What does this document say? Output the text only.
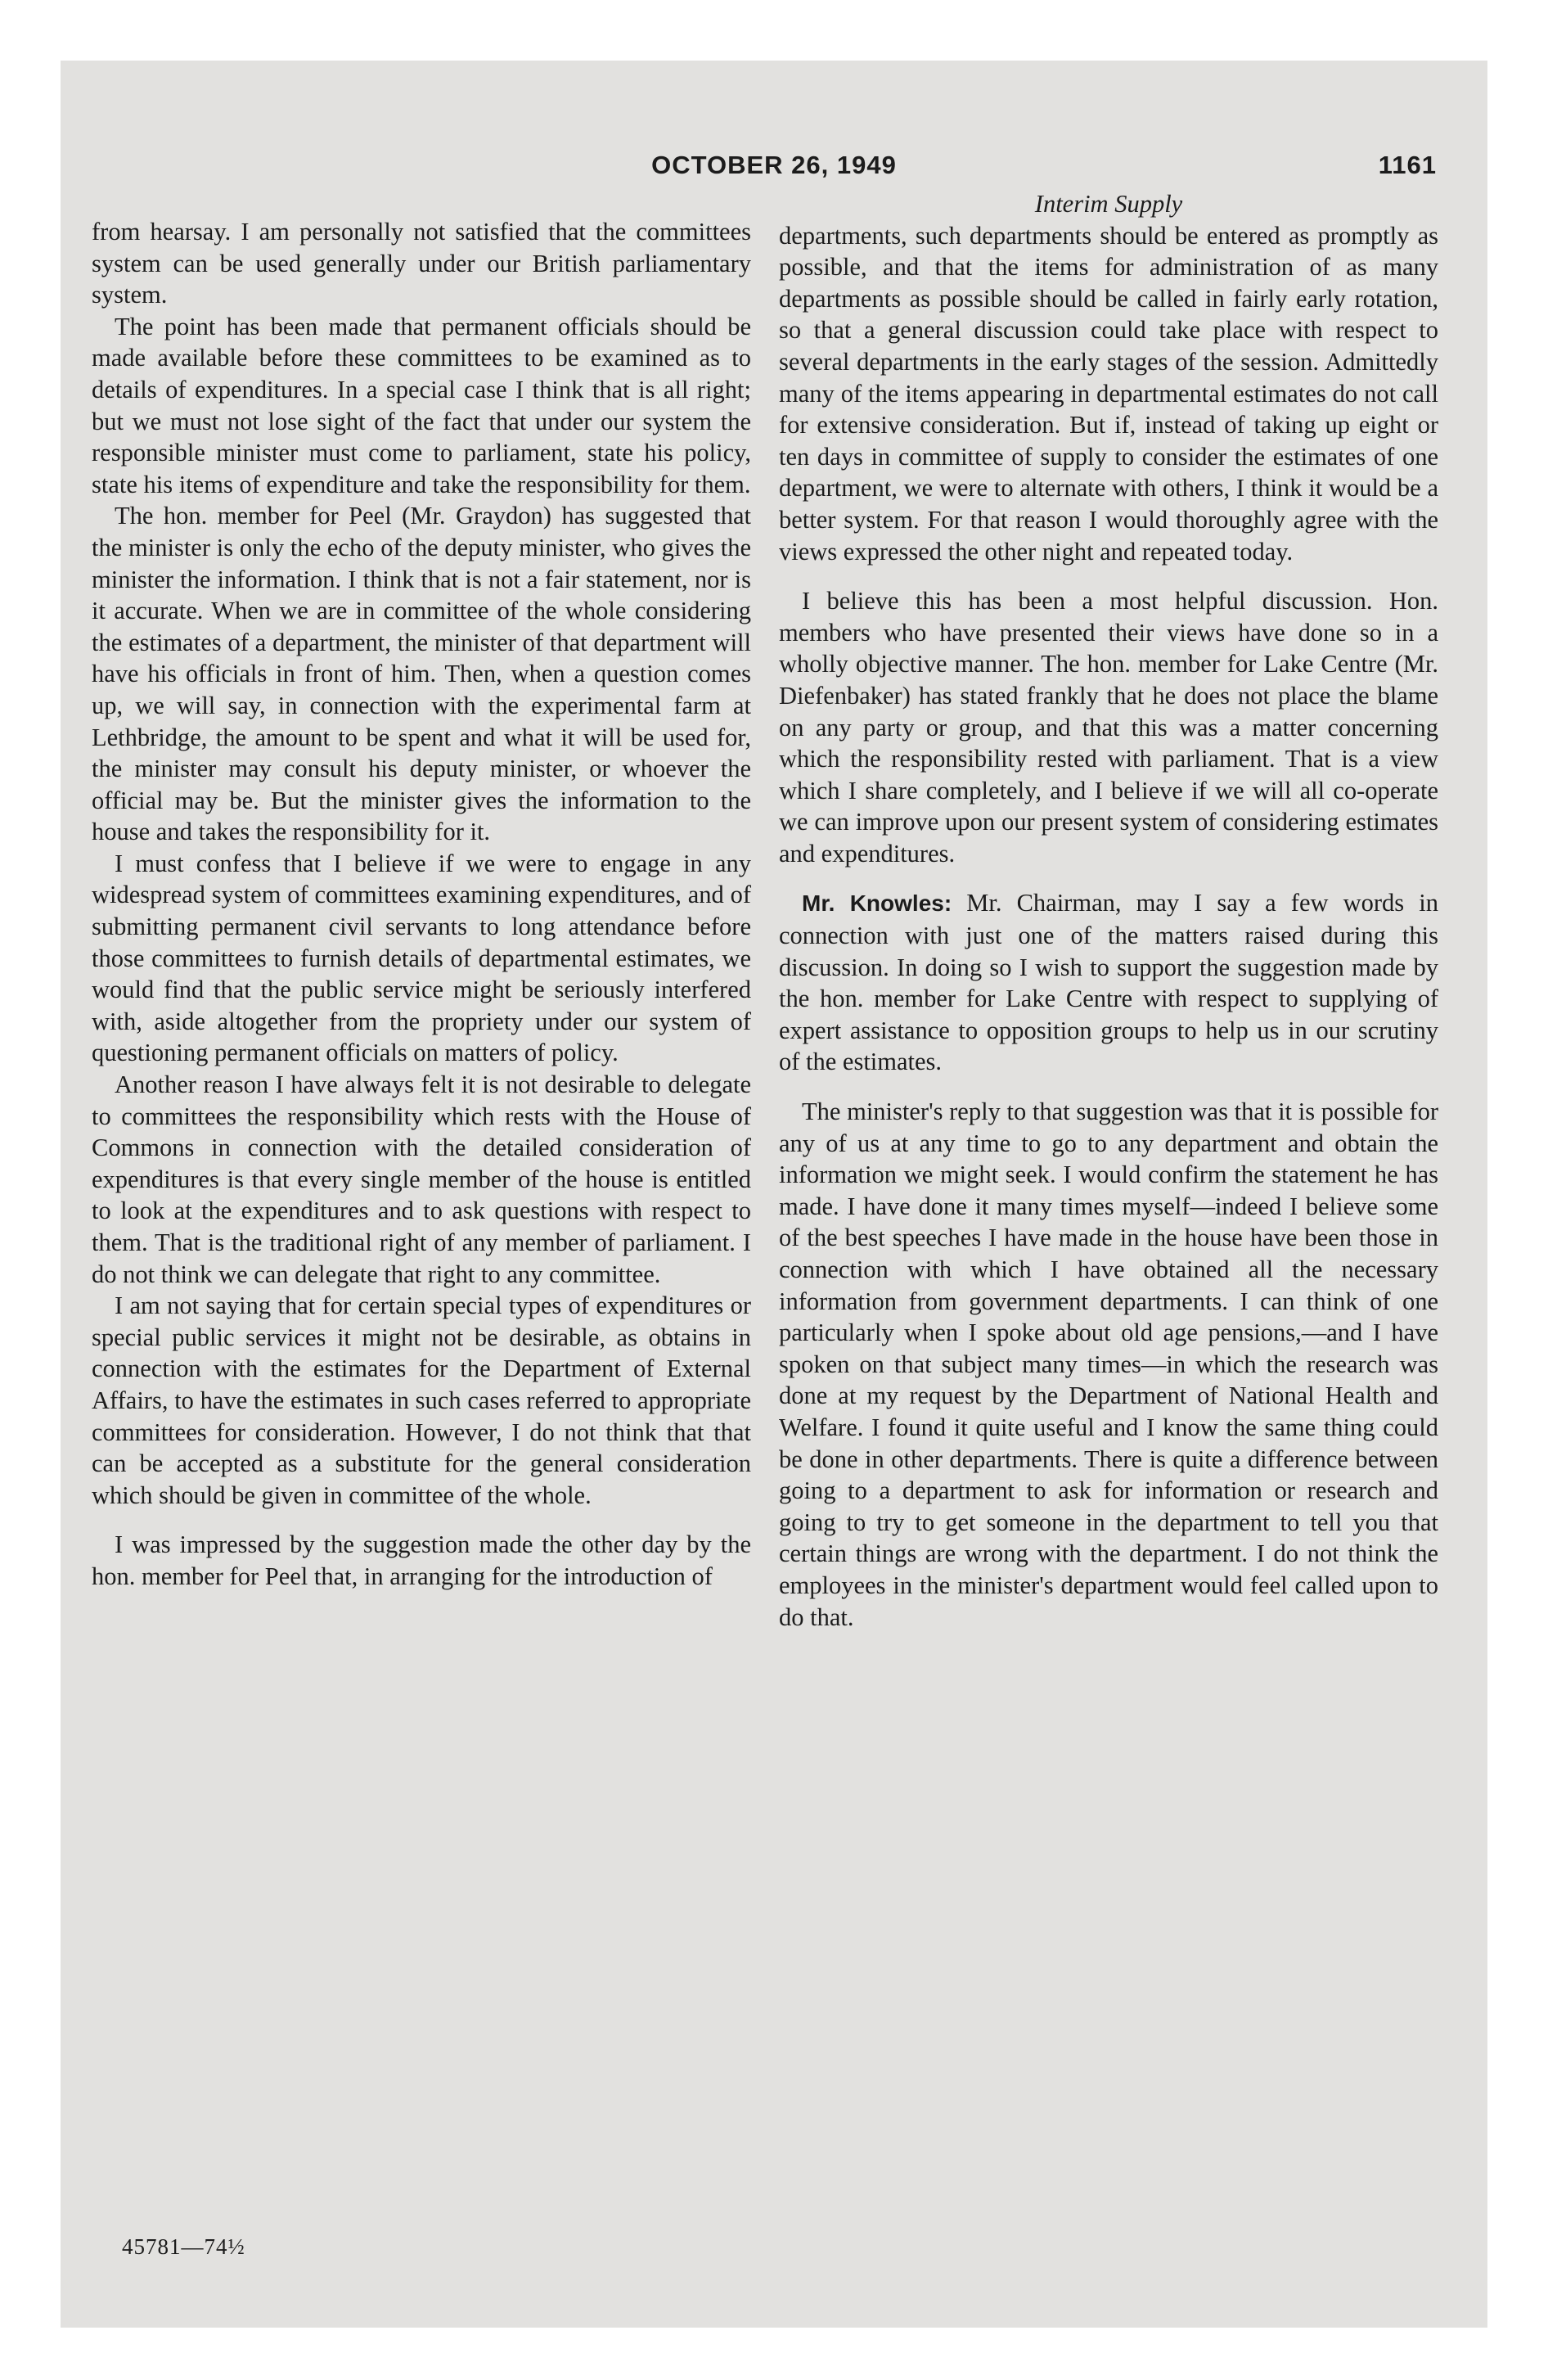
OCTOBER 26, 1949	1161

from hearsay. I am personally not satisfied that the committees system can be used generally under our British parliamentary system.

The point has been made that permanent officials should be made available before these committees to be examined as to details of expenditures. In a special case I think that is all right; but we must not lose sight of the fact that under our system the responsible minister must come to parliament, state his policy, state his items of expenditure and take the responsibility for them.

The hon. member for Peel (Mr. Graydon) has suggested that the minister is only the echo of the deputy minister, who gives the minister the information. I think that is not a fair statement, nor is it accurate. When we are in committee of the whole considering the estimates of a department, the minister of that department will have his officials in front of him. Then, when a question comes up, we will say, in connection with the experimental farm at Lethbridge, the amount to be spent and what it will be used for, the minister may consult his deputy minister, or whoever the official may be. But the minister gives the information to the house and takes the responsibility for it.

I must confess that I believe if we were to engage in any widespread system of committees examining expenditures, and of submitting permanent civil servants to long attendance before those committees to furnish details of departmental estimates, we would find that the public service might be seriously interfered with, aside altogether from the propriety under our system of questioning permanent officials on matters of policy.

Another reason I have always felt it is not desirable to delegate to committees the responsibility which rests with the House of Commons in connection with the detailed consideration of expenditures is that every single member of the house is entitled to look at the expenditures and to ask questions with respect to them. That is the traditional right of any member of parliament. I do not think we can delegate that right to any committee.

I am not saying that for certain special types of expenditures or special public services it might not be desirable, as obtains in connection with the estimates for the Department of External Affairs, to have the estimates in such cases referred to appropriate committees for consideration. However, I do not think that that can be accepted as a substitute for the general consideration which should be given in committee of the whole.

I was impressed by the suggestion made the other day by the hon. member for Peel that, in arranging for the introduction of

Interim Supply

departments, such departments should be entered as promptly as possible, and that the items for administration of as many departments as possible should be called in fairly early rotation, so that a general discussion could take place with respect to several departments in the early stages of the session. Admittedly many of the items appearing in departmental estimates do not call for extensive consideration. But if, instead of taking up eight or ten days in committee of supply to consider the estimates of one department, we were to alternate with others, I think it would be a better system. For that reason I would thoroughly agree with the views expressed the other night and repeated today.

I believe this has been a most helpful discussion. Hon. members who have presented their views have done so in a wholly objective manner. The hon. member for Lake Centre (Mr. Diefenbaker) has stated frankly that he does not place the blame on any party or group, and that this was a matter concerning which the responsibility rested with parliament. That is a view which I share completely, and I believe if we will all co-operate we can improve upon our present system of considering estimates and expenditures.

Mr. Knowles: Mr. Chairman, may I say a few words in connection with just one of the matters raised during this discussion. In doing so I wish to support the suggestion made by the hon. member for Lake Centre with respect to supplying of expert assistance to opposition groups to help us in our scrutiny of the estimates.

The minister's reply to that suggestion was that it is possible for any of us at any time to go to any department and obtain the information we might seek. I would confirm the statement he has made. I have done it many times myself—indeed I believe some of the best speeches I have made in the house have been those in connection with which I have obtained all the necessary information from government departments. I can think of one particularly when I spoke about old age pensions,—and I have spoken on that subject many times—in which the research was done at my request by the Department of National Health and Welfare. I found it quite useful and I know the same thing could be done in other departments. There is quite a difference between going to a department to ask for information or research and going to try to get someone in the department to tell you that certain things are wrong with the department. I do not think the employees in the minister's department would feel called upon to do that.

45781—74½
